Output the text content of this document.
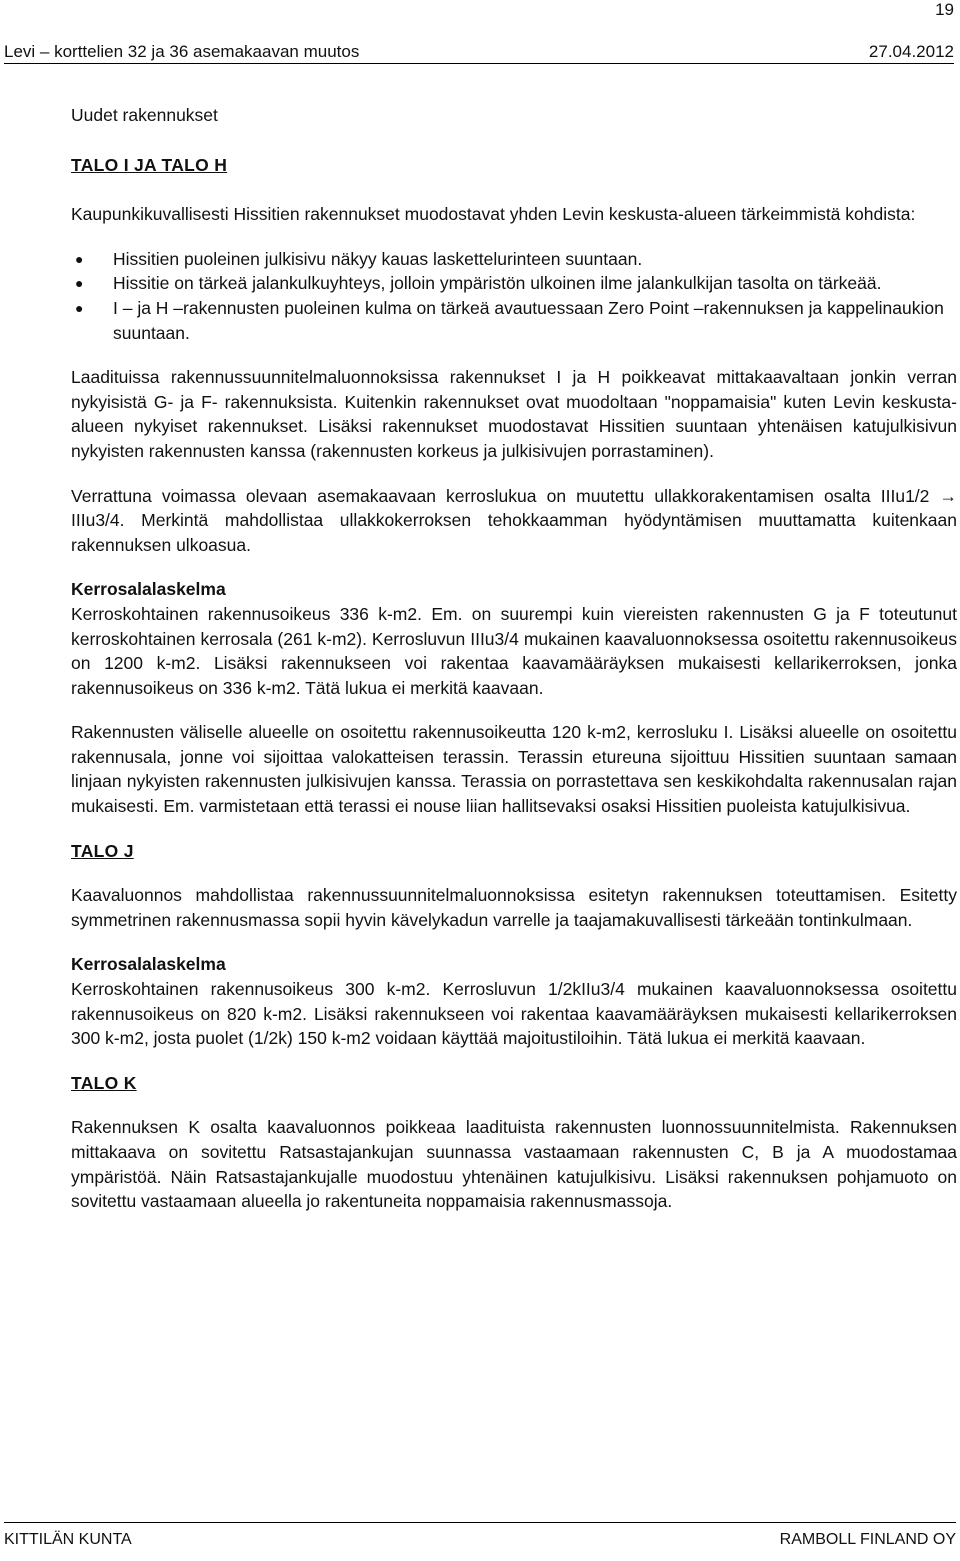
19
Levi – korttelien 32 ja 36 asemakaavan muutos	27.04.2012

Uudet rakennukset

TALO I JA TALO H

Kaupunkikuvallisesti Hissitien rakennukset muodostavat yhden Levin keskusta-alueen tärkeimmistä kohdista:

● Hissitien puoleinen julkisivu näkyy kauas laskettelurinteen suuntaan.
● Hissitie on tärkeä jalankulkuyhteys, jolloin ympäristön ulkoinen ilme jalankulkijan tasolta on tärkeää.
● I – ja H –rakennusten puoleinen kulma on tärkeä avautuessaan Zero Point –rakennuksen ja kappelinaukion suuntaan.

Laadituissa rakennussuunnitelmaluonnoksissa rakennukset I ja H poikkeavat mittakaavaltaan jonkin verran nykyisistä G- ja F- rakennuksista. Kuitenkin rakennukset ovat muodoltaan "noppamaisia" kuten Levin keskusta-alueen nykyiset rakennukset. Lisäksi rakennukset muodostavat Hissitien suuntaan yhtenäisen katujulkisivun nykyisten rakennusten kanssa (rakennusten korkeus ja julkisivujen porrastaminen).

Verrattuna voimassa olevaan asemakaavaan kerroslukua on muutettu ullakkorakentamisen osalta IIIu1/2 → IIIu3/4. Merkintä mahdollistaa ullakkokerroksen tehokkaamman hyödyntämisen muuttamatta kuitenkaan rakennuksen ulkoasua.

Kerrosalalaskelma

Kerroskohtainen rakennusoikeus 336 k-m2. Em. on suurempi kuin viereisten rakennusten G ja F toteutunut kerroskohtainen kerrosala (261 k-m2). Kerrosluvun IIIu3/4 mukainen kaavaluonnoksessa osoitettu rakennusoikeus on 1200 k-m2. Lisäksi rakennukseen voi rakentaa kaavamääräyksen mukaisesti kellarikerroksen, jonka rakennusoikeus on 336 k-m2. Tätä lukua ei merkitä kaavaan.

Rakennusten väliselle alueelle on osoitettu rakennusoikeutta 120 k-m2, kerrosluku I. Lisäksi alueelle on osoitettu rakennusala, jonne voi sijoittaa valokatteisen terassin. Terassin etureuna sijoittuu Hissitien suuntaan samaan linjaan nykyisten rakennusten julkisivujen kanssa. Terassia on porrastettava sen keskikohdalta rakennusalan rajan mukaisesti. Em. varmistetaan että terassi ei nouse liian hallitsevaksi osaksi Hissitien puoleista katujulkisivua.

TALO J

Kaavaluonnos mahdollistaa rakennussuunnitelmaluonnoksissa esitetyn rakennuksen toteuttamisen. Esitetty symmetrinen rakennusmassa sopii hyvin kävelykadun varrelle ja taajamakuvallisesti tärkeään tontinkulmaan.

Kerrosalalaskelma

Kerroskohtainen rakennusoikeus 300 k-m2. Kerrosluvun 1/2kIIu3/4 mukainen kaavaluonnoksessa osoitettu rakennusoikeus on 820 k-m2. Lisäksi rakennukseen voi rakentaa kaavamääräyksen mukaisesti kellarikerroksen 300 k-m2, josta puolet (1/2k) 150 k-m2 voidaan käyttää majoitustiloihin. Tätä lukua ei merkitä kaavaan.

TALO K

Rakennuksen K osalta kaavaluonnos poikkeaa laadituista rakennusten luonnossuunnitelmista. Rakennuksen mittakaava on sovitettu Ratsastajankujan suunnassa vastaamaan rakennusten C, B ja A muodostamaa ympäristöä. Näin Ratsastajankujalle muodostuu yhtenäinen katujulkisivu. Lisäksi rakennuksen pohjamuoto on sovitettu vastaamaan alueella jo rakentuneita noppamaisia rakennusmassoja.

KITTILÄN KUNTA	RAMBOLL FINLAND OY
